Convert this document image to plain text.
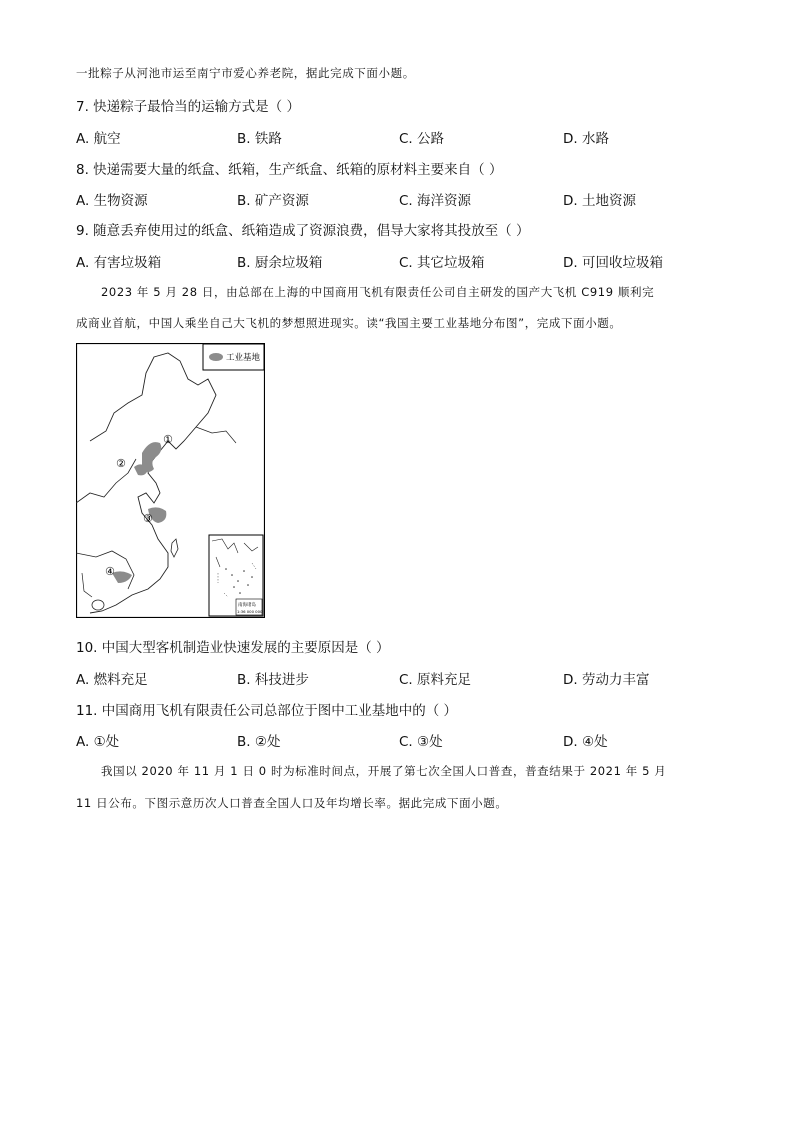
一批粽子从河池市运至南宁市爱心养老院，据此完成下面小题。
7. 快递粽子最恰当的运输方式是（ ）
A. 航空	B. 铁路	C. 公路	D. 水路
8. 快递需要大量的纸盒、纸箱，生产纸盒、纸箱的原材料主要来自（ ）
A. 生物资源	B. 矿产资源	C. 海洋资源	D. 土地资源
9. 随意丢弃使用过的纸盒、纸箱造成了资源浪费，倡导大家将其投放至（ ）
A. 有害垃圾箱	B. 厨余垃圾箱	C. 其它垃圾箱	D. 可回收垃圾箱
2023 年 5 月 28 日，由总部在上海的中国商用飞机有限责任公司自主研发的国产大飞机 C919 顺利完
成商业首航，中国人乘坐自己大飞机的梦想照进现实。读“我国主要工业基地分布图”，完成下面小题。
工业基地
①
②
③
④
南海诸岛
1:36 000 000
10. 中国大型客机制造业快速发展的主要原因是（ ）
A. 燃料充足	B. 科技进步	C. 原料充足	D. 劳动力丰富
11. 中国商用飞机有限责任公司总部位于图中工业基地中的（ ）
A. ①处	B. ②处	C. ③处	D. ④处
我国以 2020 年 11 月 1 日 0 时为标准时间点，开展了第七次全国人口普查，普查结果于 2021 年 5 月
11 日公布。下图示意历次人口普查全国人口及年均增长率。据此完成下面小题。
